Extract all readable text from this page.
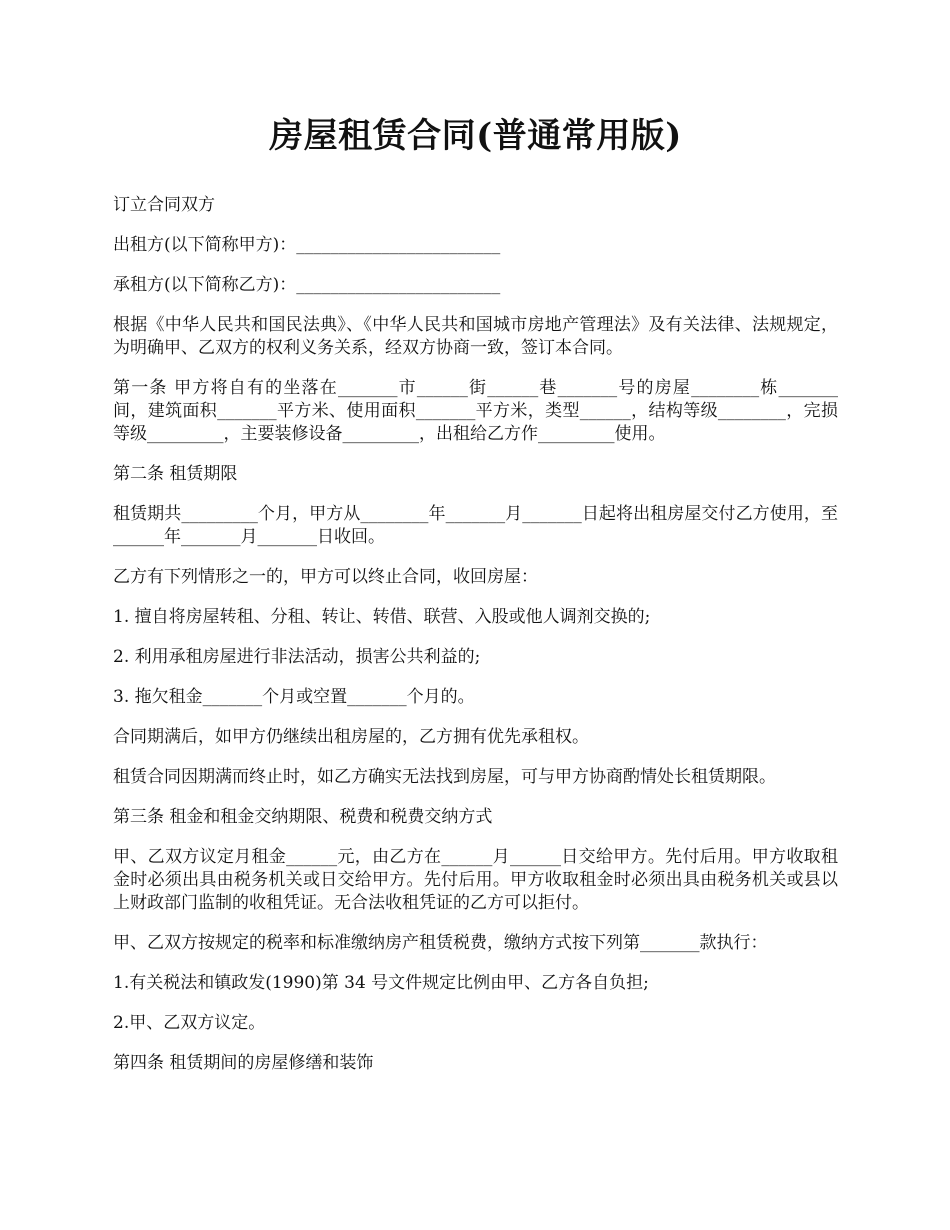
房屋租赁合同(普通常用版)

订立合同双方

出租方(以下简称甲方)：________________________

承租方(以下简称乙方)：________________________

根据《中华人民共和国民法典》、《中华人民共和国城市房地产管理法》及有关法律、法规规定，为明确甲、乙双方的权利义务关系，经双方协商一致，签订本合同。

第一条 甲方将自有的坐落在_______市______街______巷_______号的房屋________栋_______间，建筑面积_______平方米、使用面积_______平方米，类型______，结构等级________，完损等级_________，主要装修设备_________，出租给乙方作_________使用。

第二条 租赁期限

租赁期共_________个月，甲方从________年_______月_______日起将出租房屋交付乙方使用，至______年_______月_______日收回。

乙方有下列情形之一的，甲方可以终止合同，收回房屋：

1. 擅自将房屋转租、分租、转让、转借、联营、入股或他人调剂交换的;

2. 利用承租房屋进行非法活动，损害公共利益的;

3. 拖欠租金_______个月或空置_______个月的。

合同期满后，如甲方仍继续出租房屋的，乙方拥有优先承租权。

租赁合同因期满而终止时，如乙方确实无法找到房屋，可与甲方协商酌情处长租赁期限。

第三条 租金和租金交纳期限、税费和税费交纳方式

甲、乙双方议定月租金______元，由乙方在______月______日交给甲方。先付后用。甲方收取租金时必须出具由税务机关或日交给甲方。先付后用。甲方收取租金时必须出具由税务机关或县以上财政部门监制的收租凭证。无合法收租凭证的乙方可以拒付。

甲、乙双方按规定的税率和标准缴纳房产租赁税费，缴纳方式按下列第_______款执行：

1.有关税法和镇政发(1990)第 34 号文件规定比例由甲、乙方各自负担;

2.甲、乙双方议定。

第四条 租赁期间的房屋修缮和装饰
